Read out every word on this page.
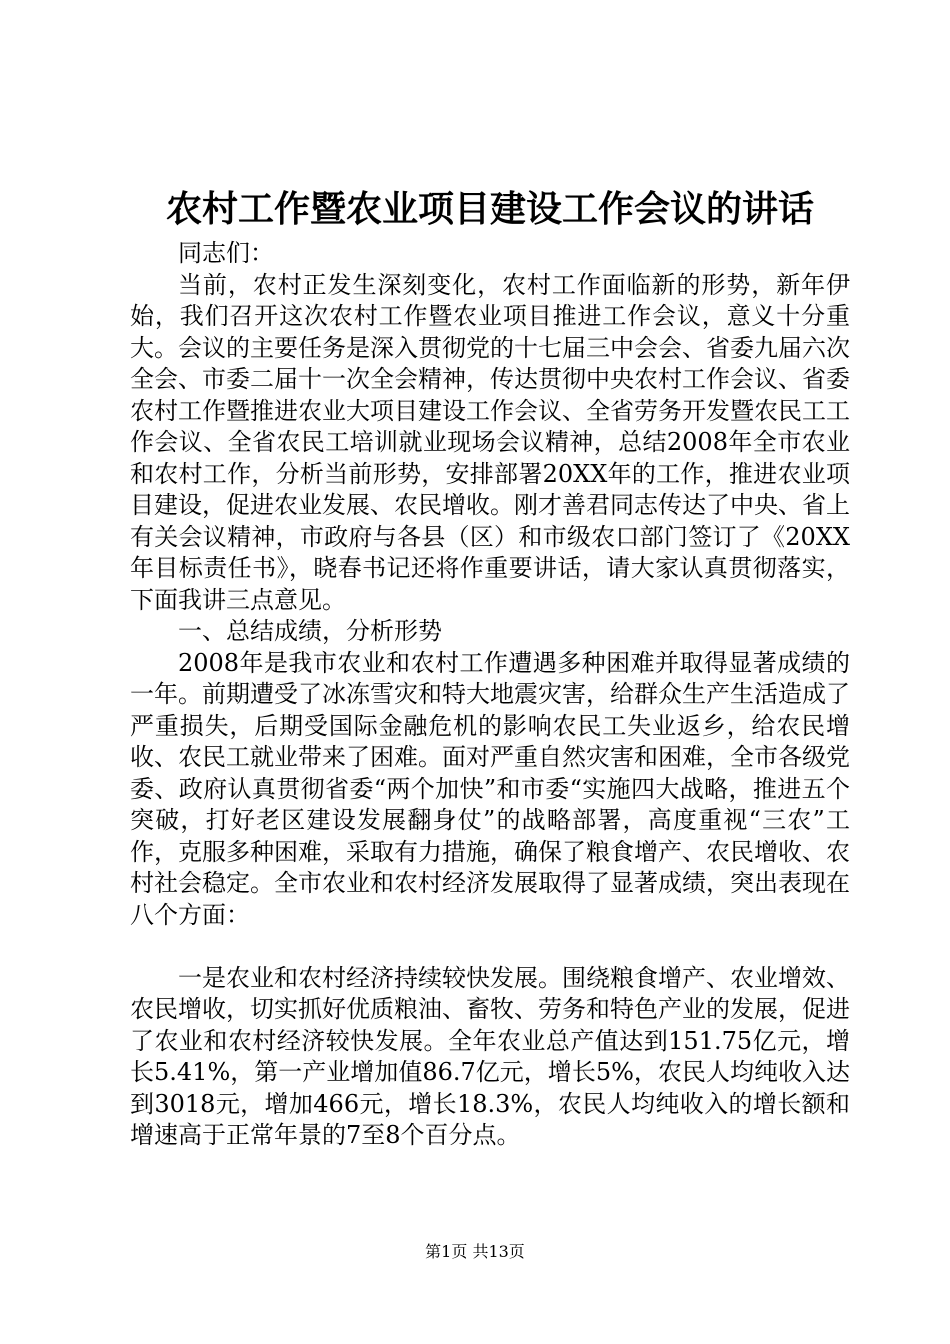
农村工作暨农业项目建设工作会议的讲话

同志们：

当前，农村正发生深刻变化，农村工作面临新的形势，新年伊始，我们召开这次农村工作暨农业项目推进工作会议，意义十分重大。会议的主要任务是深入贯彻党的十七届三中会会、省委九届六次全会、市委二届十一次全会精神，传达贯彻中央农村工作会议、省委农村工作暨推进农业大项目建设工作会议、全省劳务开发暨农民工工作会议、全省农民工培训就业现场会议精神，总结2008年全市农业和农村工作，分析当前形势，安排部署20XX年的工作，推进农业项目建设，促进农业发展、农民增收。刚才善君同志传达了中央、省上有关会议精神，市政府与各县（区）和市级农口部门签订了《20XX年目标责任书》，晓春书记还将作重要讲话，请大家认真贯彻落实，下面我讲三点意见。

一、总结成绩，分析形势

2008年是我市农业和农村工作遭遇多种困难并取得显著成绩的一年。前期遭受了冰冻雪灾和特大地震灾害，给群众生产生活造成了严重损失，后期受国际金融危机的影响农民工失业返乡，给农民增收、农民工就业带来了困难。面对严重自然灾害和困难，全市各级党委、政府认真贯彻省委“两个加快”和市委“实施四大战略，推进五个突破，打好老区建设发展翻身仗”的战略部署，高度重视“三农”工作，克服多种困难，采取有力措施，确保了粮食增产、农民增收、农村社会稳定。全市农业和农村经济发展取得了显著成绩，突出表现在八个方面：

一是农业和农村经济持续较快发展。围绕粮食增产、农业增效、农民增收，切实抓好优质粮油、畜牧、劳务和特色产业的发展，促进了农业和农村经济较快发展。全年农业总产值达到151.75亿元，增长5.41%，第一产业增加值86.7亿元，增长5%，农民人均纯收入达到3018元，增加466元，增长18.3%，农民人均纯收入的增长额和增速高于正常年景的7至8个百分点。

第1页 共13页
